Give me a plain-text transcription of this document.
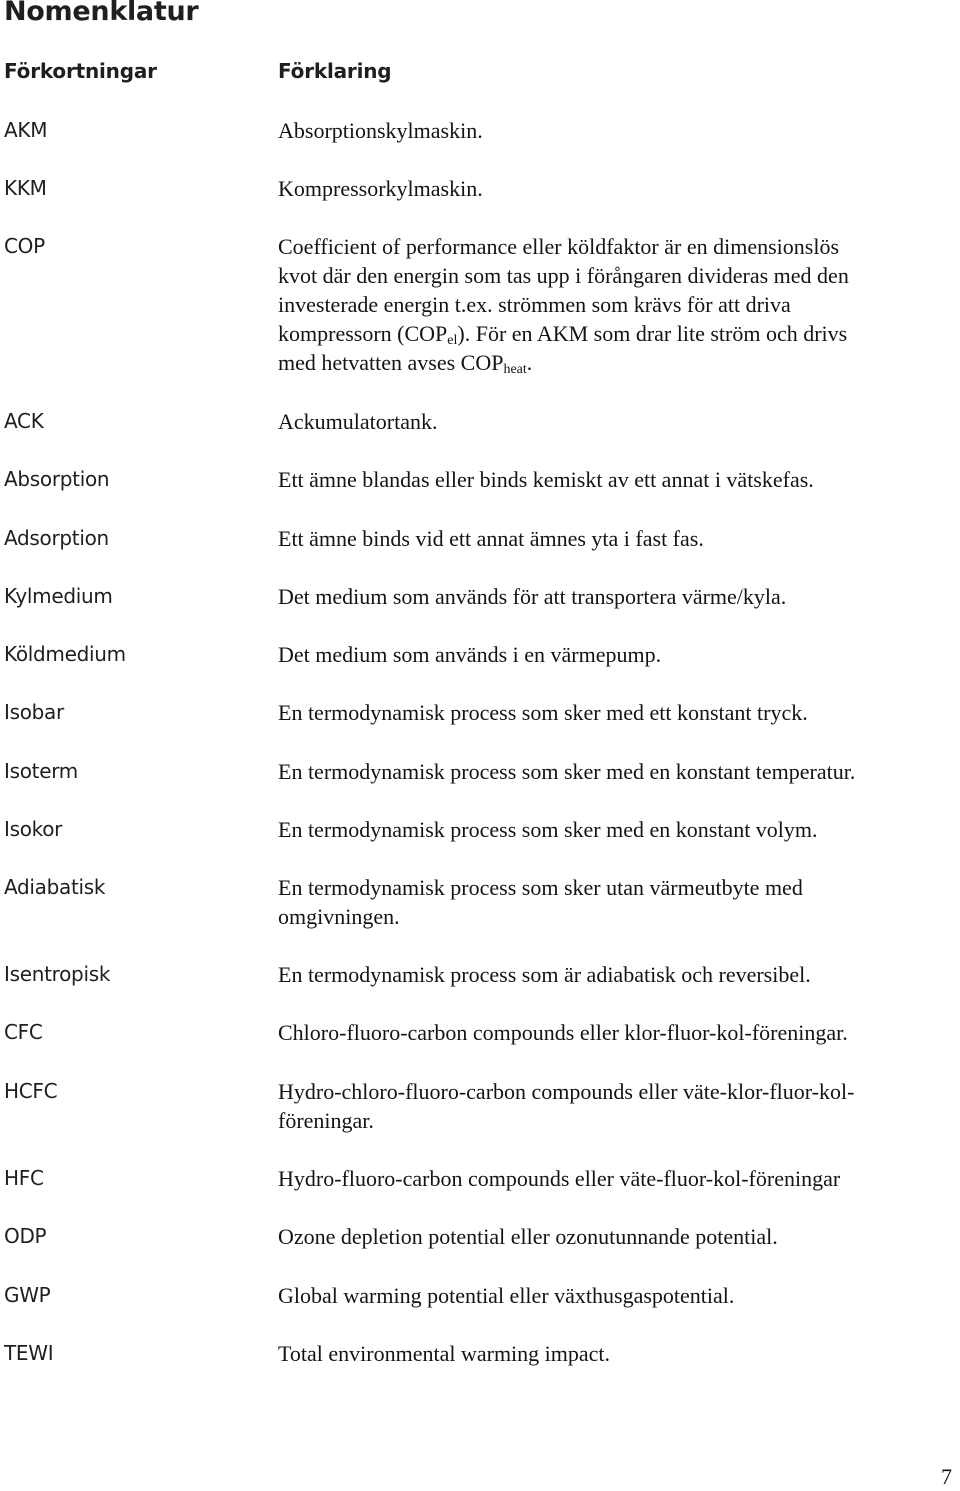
Nomenklatur
Förkortningar	Förklaring
AKM	Absorptionskylmaskin.
KKM	Kompressorkylmaskin.
COP	Coefficient of performance eller köldfaktor är en dimensionslös
kvot där den energin som tas upp i förångaren divideras med den
investerade energin t.ex. strömmen som krävs för att driva
kompressorn $(COP_{el})$. För en AKM som drar lite ström och drivs
med hetvatten avses $COP_{heat}$.
ACK	Ackumulatortank.
Absorption	Ett ämne blandas eller binds kemiskt av ett annat i vätskefas.
Adsorption	Ett ämne binds vid ett annat ämnes yta i fast fas.
Kylmedium	Det medium som används för att transportera värme/kyla.
Köldmedium	Det medium som används i en värmepump.
Isobar	En termodynamisk process som sker med ett konstant tryck.
Isoterm	En termodynamisk process som sker med en konstant temperatur.
Isokor	En termodynamisk process som sker med en konstant volym.
Adiabatisk	En termodynamisk process som sker utan värmeutbyte med
omgivningen.
Isentropisk	En termodynamisk process som är adiabatisk och reversibel.
CFC	Chloro-fluoro-carbon compounds eller klor-fluor-kol-föreningar.
HCFC	Hydro-chloro-fluoro-carbon compounds eller väte-klor-fluor-kol-
föreningar.
HFC	Hydro-fluoro-carbon compounds eller väte-fluor-kol-föreningar
ODP	Ozone depletion potential eller ozonutunnande potential.
GWP	Global warming potential eller växthusgaspotential.
TEWI	Total environmental warming impact.
7
